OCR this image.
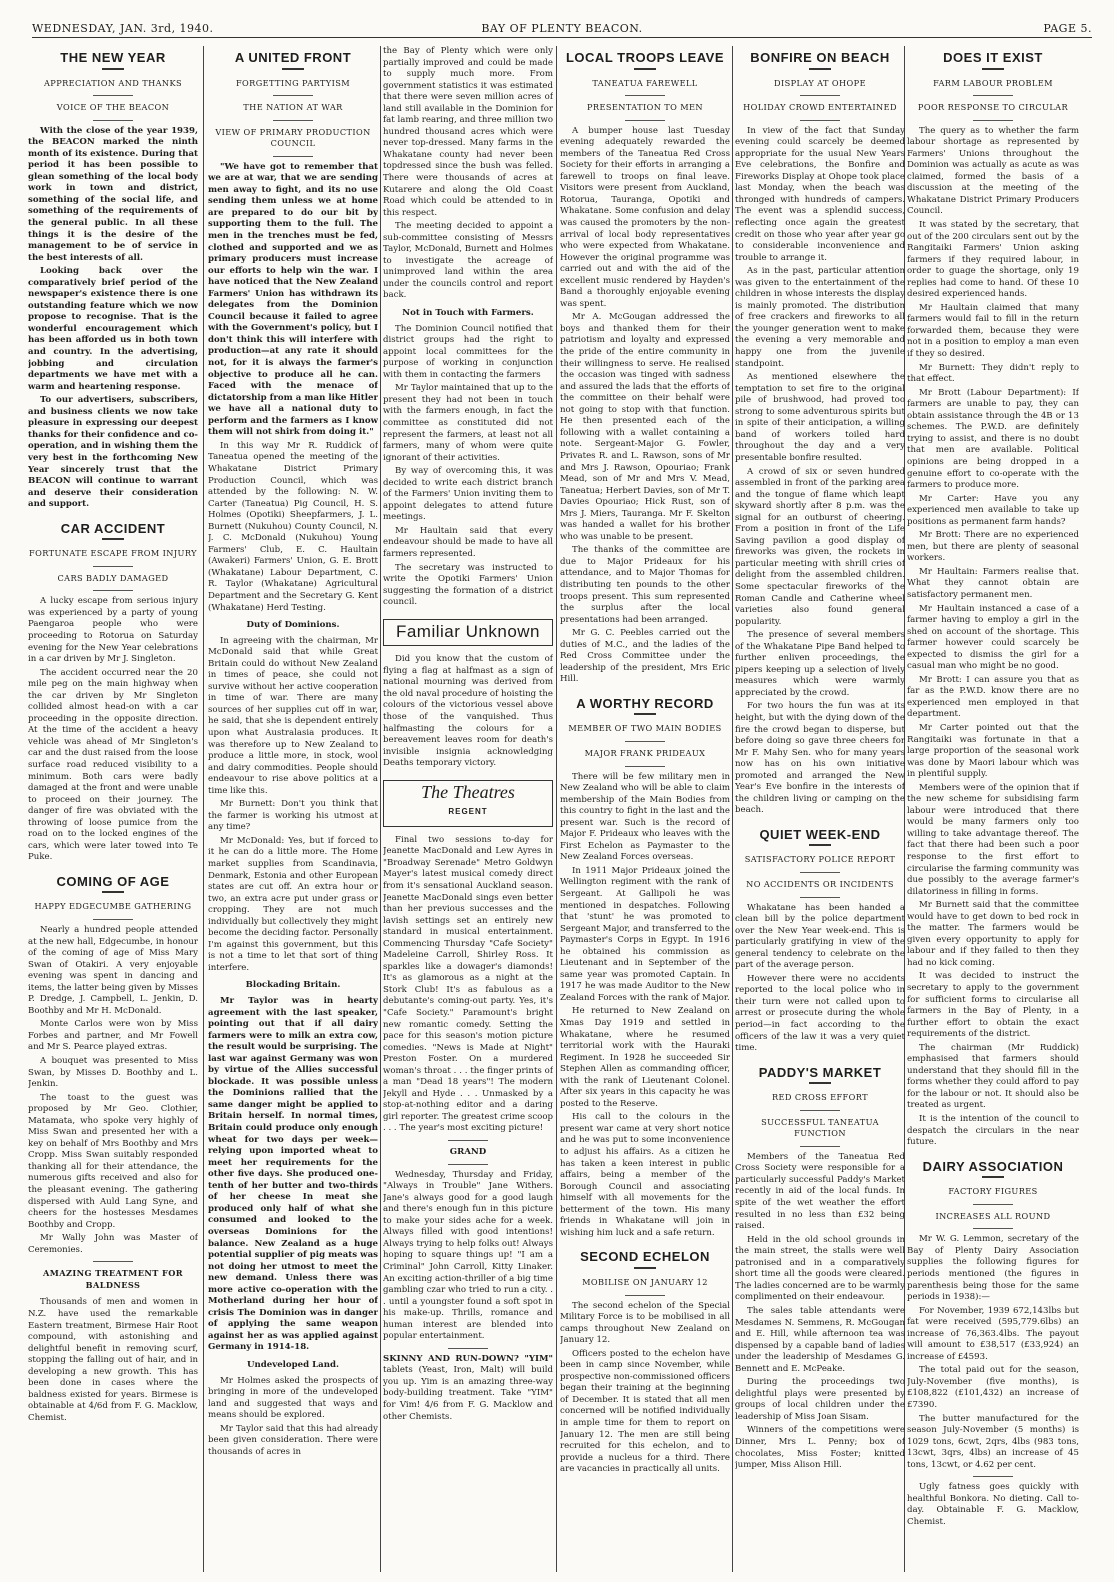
WEDNESDAY, JAN. 3rd, 1940.	BAY OF PLENTY BEACON.	PAGE 5.
THE NEW YEAR
APPRECIATION AND THANKS
VOICE OF THE BEACON

With the close of the year 1939, the BEACON marked the ninth month of its existence. During that period it has been possible to glean something of the local body work in town and district, something of the social life, and something of the requirements of the general public. In all these things it is the desire of the management to be of service in the best interests of all.

Looking back over the comparatively brief period of the newspaper's existence there is one outstanding feature which we now propose to recognise. That is the wonderful encouragement which has been afforded us in both town and country. In the advertising, jobbing and circulation departments we have met with a warm and heartening response.

To our advertisers, subscribers, and business clients we now take pleasure in expressing our deepest thanks for their confidence and co-operation, and in wishing them the very best in the forthcoming New Year sincerely trust that the BEACON will continue to warrant and deserve their consideration and support.

CAR ACCIDENT
FORTUNATE ESCAPE FROM INJURY
CARS BADLY DAMAGED

A lucky escape from serious injury was experienced by a party of young Paengaroa people who were proceeding to Rotorua on Saturday evening for the New Year celebrations in a car driven by Mr J. Singleton.

The accident occurred near the 20 mile peg on the main highway when the car driven by Mr Singleton collided almost head-on with a car proceeding in the opposite direction. At the time of the accident a heavy vehicle was ahead of Mr Singleton's car and the dust raised from the loose surface road reduced visibility to a minimum. Both cars were badly damaged at the front and were unable to proceed on their journey. The danger of fire was obviated with the throwing of loose pumice from the road on to the locked engines of the cars, which were later towed into Te Puke.

COMING OF AGE
HAPPY EDGECUMBE GATHERING

Nearly a hundred people attended at the new hall, Edgecumbe, in honour of the coming of age of Miss Mary Swan of Otakiri. A very enjoyable evening was spent in dancing and items, the latter being given by Misses P. Dredge, J. Campbell, L. Jenkin, D. Boothby and Mr H. McDonald.

Monte Carlos were won by Miss Forbes and partner, and Mr Fowell and Mr S. Pearce played extras.

A bouquet was presented to Miss Swan, by Misses D. Boothby and L. Jenkin.

The toast to the guest was proposed by Mr Geo. Clothier, Matamata, who spoke very highly of Miss Swan and presented her with a key on behalf of Mrs Boothby and Mrs Cropp. Miss Swan suitably responded thanking all for their attendance, the numerous gifts received and also for the pleasant evening. The gathering dispersed with Auld Lang Syne, and cheers for the hostesses Mesdames Boothby and Cropp.

Mr Wally John was Master of Ceremonies.

AMAZING TREATMENT FOR BALDNESS

Thousands of men and women in N.Z. have used the remarkable Eastern treatment, Birmese Hair Root compound, with astonishing and delightful benefit in removing scurf, stopping the falling out of hair, and in developing a new growth. This has been done in cases where the baldness existed for years. Birmese is obtainable at 4/6d from F. G. Macklow, Chemist.

A UNITED FRONT
FORGETTING PARTYISM
THE NATION AT WAR
VIEW OF PRIMARY PRODUCTION COUNCIL

"We have got to remember that we are at war, that we are sending men away to fight, and its no use sending them unless we at home are prepared to do our bit by supporting them to the full. The men in the trenches must be fed, clothed and supported and we as primary producers must increase our efforts to help win the war. I have noticed that the New Zealand Farmers' Union has withdrawn its delegates from the Dominion Council because it failed to agree with the Government's policy, but I don't think this will interfere with production—at any rate it should not, for it is always the farmer's objective to produce all he can. Faced with the menace of dictatorship from a man like Hitler we have all a national duty to perform and the farmers as I know them will not shirk from doing it."

In this way Mr R. Ruddick of Taneatua opened the meeting of the Whakatane District Primary Production Council, which was attended by the following: N. W. Carter (Taneatua) Pig Council, H. S. Holmes (Opotiki) Sheepfarmers, J. L. Burnett (Nukuhou) County Council, N. J. C. McDonald (Nukuhou) Young Farmers' Club, E. C. Haultain (Awakeri) Farmers' Union, G. E. Brott (Whakatane) Labour Department, C. R. Taylor (Whakatane) Agricultural Department and the Secretary G. Kent (Whakatane) Herd Testing.

Duty of Dominions.

In agreeing with the chairman, Mr McDonald said that while Great Britain could do without New Zealand in times of peace, she could not survive without her active cooperation in time of war. There are many sources of her supplies cut off in war, he said, that she is dependent entirely upon what Australasia produces. It was therefore up to New Zealand to produce a little more, in stock, wool and dairy commodities. People should endeavour to rise above politics at a time like this.

Mr Burnett: Don't you think that the farmer is working his utmost at any time?

Mr McDonald: Yes, but if forced to it he can do a little more. The Home market supplies from Scandinavia, Denmark, Estonia and other European states are cut off. An extra hour or two, an extra acre put under grass or cropping. They are not much individually but collectively they might become the deciding factor. Personally I'm against this government, but this is not a time to let that sort of thing interfere.

Blockading Britain.

Mr Taylor was in hearty agreement with the last speaker, pointing out that if all dairy farmers were to milk an extra cow, the result would be surprising. The last war against Germany was won by virtue of the Allies successful blockade. It was possible unless the Dominions rallied that the same danger might be applied to Britain herself. In normal times, Britain could produce only enough wheat for two days per week—relying upon imported wheat to meet her requirements for the other five days. She produced one-tenth of her butter and two-thirds of her cheese In meat she produced only half of what she consumed and looked to the overseas Dominions for the balance. New Zealand as a huge potential supplier of pig meats was not doing her utmost to meet the new demand. Unless there was more active co-operation with the Motherland during her hour of crisis The Dominion was in danger of applying the same weapon against her as was applied against Germany in 1914-18.

Undeveloped Land.

Mr Holmes asked the prospects of bringing in more of the undeveloped land and suggested that ways and means should be explored.

Mr Taylor said that this had already been given consideration. There were thousands of acres in

the Bay of Plenty which were only partially improved and could be made to supply much more. From government statistics it was estimated that there were seven million acres of land still available in the Dominion for fat lamb rearing, and three million two hundred thousand acres which were never top-dressed. Many farms in the Whakatane county had never been topdressed since the bush was felled. There were thousands of acres at Kutarere and along the Old Coast Road which could be attended to in this respect.

The meeting decided to appoint a sub-committee consisting of Messrs Taylor, McDonald, Burnett and Holmes to investigate the acreage of unimproved land within the area under the councils control and report back.

Not in Touch with Farmers.

The Dominion Council notified that district groups had the right to appoint local committees for the purpose of working in conjunction with them in contacting the farmers

Mr Taylor maintained that up to the present they had not been in touch with the farmers enough, in fact the committee as constituted did not represent the farmers, at least not all farmers, many of whom were quite ignorant of their activities.

By way of overcoming this, it was decided to write each district branch of the Farmers' Union inviting them to appoint delegates to attend future meetings.

Mr Haultain said that every endeavour should be made to have all farmers represented.

The secretary was instructed to write the Opotiki Farmers' Union suggesting the formation of a district council.

Familiar Unknown

Did you know that the custom of flying a flag at halfmast as a sign of national mourning was derived from the old naval procedure of hoisting the colours of the victorious vessel above those of the vanquished. Thus halfmasting the colours for a bereavement leaves room for death's invisible insignia acknowledging Deaths temporary victory.

The Theatres
REGENT

Final two sessions to-day for Jeanette MacDonald and Lew Ayres in "Broadway Serenade" Metro Goldwyn Mayer's latest musical comedy direct from it's sensational Auckland season. Jeanette MacDonald sings even better than her previous successes and the lavish settings set an entirely new standard in musical entertainment. Commencing Thursday "Cafe Society" Madeleine Carroll, Shirley Ross. It sparkles like a dowager's diamonds! It's as glamorous as a night at the Stork Club! It's as fabulous as a debutante's coming-out party. Yes, it's "Cafe Society." Paramount's bright new romantic comedy. Setting the pace for this season's motion picture comedies. "News is Made at Night" Preston Foster. On a murdered woman's throat . . . the finger prints of a man "Dead 18 years"! The modern Jekyll and Hyde . . . Unmasked by a stop-at-nothing editor and a daring girl reporter. The greatest crime scoop . . . The year's most exciting picture!

GRAND

Wednesday, Thursday and Friday, "Always in Trouble" Jane Withers. Jane's always good for a good laugh and there's enough fun in this picture to make your sides ache for a week. Always filled with good intentions! Always trying to help folks out! Always hoping to square things up! "I am a Criminal" John Carroll, Kitty Linaker. An exciting action-thriller of a big time gambling czar who tried to run a city. . . until a youngster found a soft spot in his make-up. Thrills, romance and human interest are blended into popular entertainment.

SKINNY AND RUN-DOWN? "YIM" tablets (Yeast, Iron, Malt) will build you up. Yim is an amazing three-way body-building treatment. Take "YIM" for Vim! 4/6 from F. G. Macklow and other Chemists.

LOCAL TROOPS LEAVE
TANEATUA FAREWELL
PRESENTATION TO MEN

A bumper house last Tuesday evening adequately rewarded the members of the Taneatua Red Cross Society for their efforts in arranging a farewell to troops on final leave. Visitors were present from Auckland, Rotorua, Tauranga, Opotiki and Whakatane. Some confusion and delay was caused the promoters by the non-arrival of local body representatives who were expected from Whakatane. However the original programme was carried out and with the aid of the excellent music rendered by Hayden's Band a thoroughly enjoyable evening was spent.

Mr A. McGougan addressed the boys and thanked them for their patriotism and loyalty and expressed the pride of the entire community in their willingness to serve. He realised the occasion was tinged with sadness and assured the lads that the efforts of the committee on their behalf were not going to stop with that function. He then presented each of the following with a wallet containing a note. Sergeant-Major G. Fowler, Privates R. and L. Rawson, sons of Mr and Mrs J. Rawson, Opouriao; Frank Mead, son of Mr and Mrs V. Mead, Taneatua; Herbert Davies, son of Mr T. Davies Opouriao; Hick Rust, son of Mrs J. Miers, Tauranga. Mr F. Skelton was handed a wallet for his brother who was unable to be present.

The thanks of the committee are due to Major Prideaux for his attendance, and to Major Thomas for distributing ten pounds to the other troops present. This sum represented the surplus after the local presentations had been arranged.

Mr G. C. Peebles carried out the duties of M.C., and the ladies of the Red Cross Committee under the leadership of the president, Mrs Eric Hill.

A WORTHY RECORD
MEMBER OF TWO MAIN BODIES
MAJOR FRANK PRIDEAUX

There will be few military men in New Zealand who will be able to claim membership of the Main Bodies from this country to fight in the last and the present war. Such is the record of Major F. Prideaux who leaves with the First Echelon as Paymaster to the New Zealand Forces overseas.

In 1911 Major Prideaux joined the Wellington regiment with the rank of Sergeant. At Gallipoli he was mentioned in despatches. Following that 'stunt' he was promoted to Sergeant Major, and transferred to the Paymaster's Corps in Egypt. In 1916 he obtained his commission as Lieutenant and in September of the same year was promoted Captain. In 1917 he was made Auditor to the New Zealand Forces with the rank of Major.

He returned to New Zealand on Xmas Day 1919 and settled in Whakatane, where he resumed territorial work with the Hauraki Regiment. In 1928 he succeeded Sir Stephen Allen as commanding officer, with the rank of Lieutenant Colonel. After six years in this capacity he was posted to the Reserve.

His call to the colours in the present war came at very short notice and he was put to some inconvenience to adjust his affairs. As a citizen he has taken a keen interest in public affairs, being a member of the Borough Council and associating himself with all movements for the betterment of the town. His many friends in Whakatane will join in wishing him luck and a safe return.

SECOND ECHELON
MOBILISE ON JANUARY 12

The second echelon of the Special Military Force is to be mobilised in all camps throughout New Zealand on January 12.

Officers posted to the echelon have been in camp since November, while prospective non-commissioned officers began their training at the beginning of December. It is stated that all men concerned will be notified individually in ample time for them to report on January 12. The men are still being recruited for this echelon, and to provide a nucleus for a third. There are vacancies in practically all units.

BONFIRE ON BEACH
DISPLAY AT OHOPE
HOLIDAY CROWD ENTERTAINED

In view of the fact that Sunday evening could scarcely be deemed appropriate for the usual New Years Eve celebrations, the Bonfire and Fireworks Display at Ohope took place last Monday, when the beach was thronged with hundreds of campers. The event was a splendid success, reflecting once again the greatest credit on those who year after year go to considerable inconvenience and trouble to arrange it.

As in the past, particular attention was given to the entertainment of the children in whose interests the display is mainly promoted. The distribution of free crackers and fireworks to all the younger generation went to make the evening a very memorable and happy one from the juvenile standpoint.

As mentioned elsewhere the temptation to set fire to the original pile of brushwood, had proved too strong to some adventurous spirits but in spite of their anticipation, a willing band of workers toiled hard throughout the day and a very presentable bonfire resulted.

A crowd of six or seven hundred assembled in front of the parking area and the tongue of flame which leapt skyward shortly after 8 p.m. was the signal for an outburst of cheering. From a position in front of the Life Saving pavilion a good display of fireworks was given, the rockets in particular meeting with shrill cries of delight from the assembled children. Some spectacular fireworks of the Roman Candle and Catherine wheel varieties also found general popularity.

The presence of several members of the Whakatane Pipe Band helped to further enliven proceedings, the pipers keeping up a selection of lively measures which were warmly appreciated by the crowd.

For two hours the fun was at its height, but with the dying down of the fire the crowd began to disperse, but before doing so gave three cheers for Mr F. Mahy Sen. who for many years now has on his own initiative promoted and arranged the New Year's Eve bonfire in the interests of the children living or camping on the beach.

QUIET WEEK-END
SATISFACTORY POLICE REPORT
NO ACCIDENTS OR INCIDENTS

Whakatane has been handed a clean bill by the police department over the New Year week-end. This is particularly gratifying in view of the general tendency to celebrate on the part of the average person.

However there were no accidents reported to the local police who in their turn were not called upon to arrest or prosecute during the whole period—in fact according to the officers of the law it was a very quiet time.

PADDY'S MARKET
RED CROSS EFFORT
SUCCESSFUL TANEATUA FUNCTION

Members of the Taneatua Red Cross Society were responsible for a particularly successful Paddy's Market recently in aid of the local funds. In spite of the wet weather the effort resulted in no less than £32 being raised.

Held in the old school grounds in the main street, the stalls were well patronised and in a comparatively short time all the goods were cleared. The ladies concerned are to be warmly complimented on their endeavour.

The sales table attendants were Mesdames N. Semmens, R. McGougan and E. Hill, while afternoon tea was dispensed by a capable band of ladies under the leadership of Mesdames G. Bennett and E. McPeake.

During the proceedings two delightful plays were presented by groups of local children under the leadership of Miss Joan Sisam.

Winners of the competitions were Dinner, Mrs L. Penny; box of chocolates, Miss Foster; knitted jumper, Miss Alison Hill.

DOES IT EXIST
FARM LABOUR PROBLEM
POOR RESPONSE TO CIRCULAR

The query as to whether the farm labour shortage as represented by Farmers' Unions throughout the Dominion was actually as acute as was claimed, formed the basis of a discussion at the meeting of the Whakatane District Primary Producers Council.

It was stated by the secretary, that out of the 200 circulars sent out by the Rangitaiki Farmers' Union asking farmers if they required labour, in order to guage the shortage, only 19 replies had come to hand. Of these 10 desired experienced hands.

Mr Haultain claimed that many farmers would fail to fill in the return forwarded them, because they were not in a position to employ a man even if they so desired.

Mr Burnett: They didn't reply to that effect.

Mr Brott (Labour Department): If farmers are unable to pay, they can obtain assistance through the 4B or 13 schemes. The P.W.D. are definitely trying to assist, and there is no doubt that men are available. Political opinions are being dropped in a genuine effort to co-operate with the farmers to produce more.

Mr Carter: Have you any experienced men available to take up positions as permanent farm hands?

Mr Brott: There are no experienced men, but there are plenty of seasonal workers.

Mr Haultain: Farmers realise that. What they cannot obtain are satisfactory permanent men.

Mr Haultain instanced a case of a farmer having to employ a girl in the shed on account of the shortage. This farmer however could scarcely be expected to dismiss the girl for a casual man who might be no good.

Mr Brott: I can assure you that as far as the P.W.D. know there are no experienced men employed in that department.

Mr Carter pointed out that the Rangitaiki was fortunate in that a large proportion of the seasonal work was done by Maori labour which was in plentiful supply.

Members were of the opinion that if the new scheme for subsidising farm labour were introduced that there would be many farmers only too willing to take advantage thereof. The fact that there had been such a poor response to the first effort to circularise the farming community was due possibly to the average farmer's dilatoriness in filling in forms.

Mr Burnett said that the committee would have to get down to bed rock in the matter. The farmers would be given every opportunity to apply for labour and if they failed to then they had no kick coming.

It was decided to instruct the secretary to apply to the government for sufficient forms to circularise all farmers in the Bay of Plenty, in a further effort to obtain the exact requirements of the district.

The chairman (Mr Ruddick) emphasised that farmers should understand that they should fill in the forms whether they could afford to pay for the labour or not. It should also be treated as urgent.

It is the intention of the council to despatch the circulars in the near future.

DAIRY ASSOCIATION
FACTORY FIGURES
INCREASES ALL ROUND

Mr W. G. Lemmon, secretary of the Bay of Plenty Dairy Association supplies the following figures for periods mentioned (the figures in parenthesis being those for the same periods in 1938):—

For November, 1939 672,143lbs but fat were received (595,779.6lbs) an increase of 76,363.4lbs. The payout will amount to £38,517 (£33,924) an increase of £4593.

The total paid out for the season, July-November (five months), is £108,822 (£101,432) an increase of £7390.

The butter manufactured for the season July-November (5 months) is 1029 tons, 6cwt, 2qrs, 4lbs (983 tons, 13cwt, 3qrs, 4lbs) an increase of 45 tons, 13cwt, or 4.62 per cent.

Ugly fatness goes quickly with healthful Bonkora. No dieting. Call to-day. Obtainable F. G. Macklow, Chemist.
